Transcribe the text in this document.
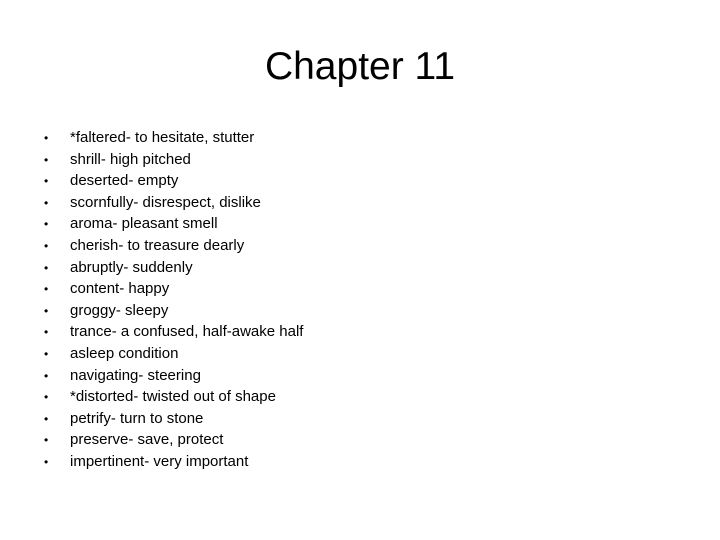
Chapter 11
•	*faltered- to hesitate, stutter
•	shrill- high pitched
•	deserted- empty
•	scornfully- disrespect, dislike
•	aroma- pleasant smell
•	cherish- to treasure dearly
•	abruptly- suddenly
•	content- happy
•	groggy- sleepy
•	trance- a confused, half-awake half
•	asleep condition
•	navigating- steering
•	*distorted- twisted out of shape
•	petrify- turn to stone
•	preserve- save, protect
•	impertinent- very important
